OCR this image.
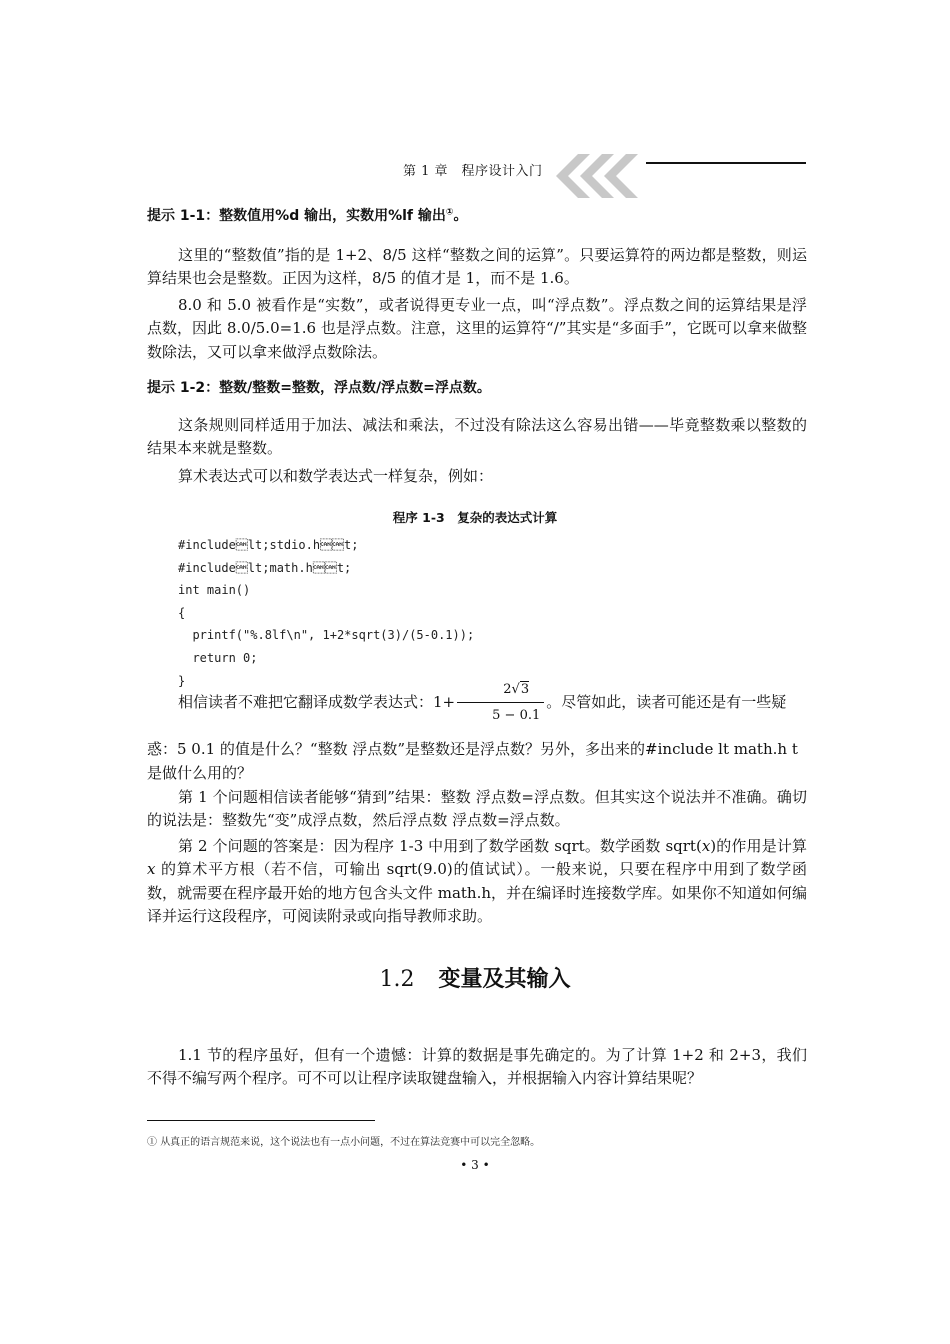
第 1 章　程序设计入门
提示 1-1：整数值用%d 输出，实数用%lf 输出①。
这里的“整数值”指的是 1+2、8/5 这样“整数之间的运算”。只要运算符的两边都是整数，则运算结果也会是整数。正因为这样，8/5 的值才是 1，而不是 1.6。
8.0 和 5.0 被看作是“实数”，或者说得更专业一点，叫“浮点数”。浮点数之间的运算结果是浮点数，因此 8.0/5.0=1.6 也是浮点数。注意，这里的运算符“/”其实是“多面手”，它既可以拿来做整数除法，又可以拿来做浮点数除法。
提示 1-2：整数/整数=整数，浮点数/浮点数=浮点数。
这条规则同样适用于加法、减法和乘法，不过没有除法这么容易出错——毕竟整数乘以整数的结果本来就是整数。
算术表达式可以和数学表达式一样复杂，例如：
程序 1-3　复杂的表达式计算
#includelt;stdio.ht;
#includelt;math.ht;
int main()
{
printf("%.8lf\n", 1+2*sqrt(3)/(5-0.1));
return 0;
}
相信读者不难把它翻译成数学表达式：$1+ \frac{2√3}{5 - 0.1}$ 。尽管如此，读者可能还是有一些疑
惑：5 0.1 的值是什么？“整数 浮点数”是整数还是浮点数？另外，多出来的#include lt math.h t
是做什么用的？
第 1 个问题相信读者能够“猜到”结果：整数 浮点数=浮点数。但其实这个说法并不准确。确切的说法是：整数先“变”成浮点数，然后浮点数 浮点数=浮点数。
第 2 个问题的答案是：因为程序 1-3 中用到了数学函数 sqrt。数学函数 sqrt(x)的作用是计算 x 的算术平方根（若不信，可输出 sqrt(9.0)的值试试）。一般来说，只要在程序中用到了数学函数，就需要在程序最开始的地方包含头文件 math.h，并在编译时连接数学库。如果你不知道如何编译并运行这段程序，可阅读附录或向指导教师求助。
1.2 变量及其输入
1.1 节的程序虽好，但有一个遗憾：计算的数据是事先确定的。为了计算 1+2 和 2+3，我们不得不编写两个程序。可不可以让程序读取键盘输入，并根据输入内容计算结果呢？
① 从真正的语言规范来说，这个说法也有一点小问题，不过在算法竞赛中可以完全忽略。
• 3 •
